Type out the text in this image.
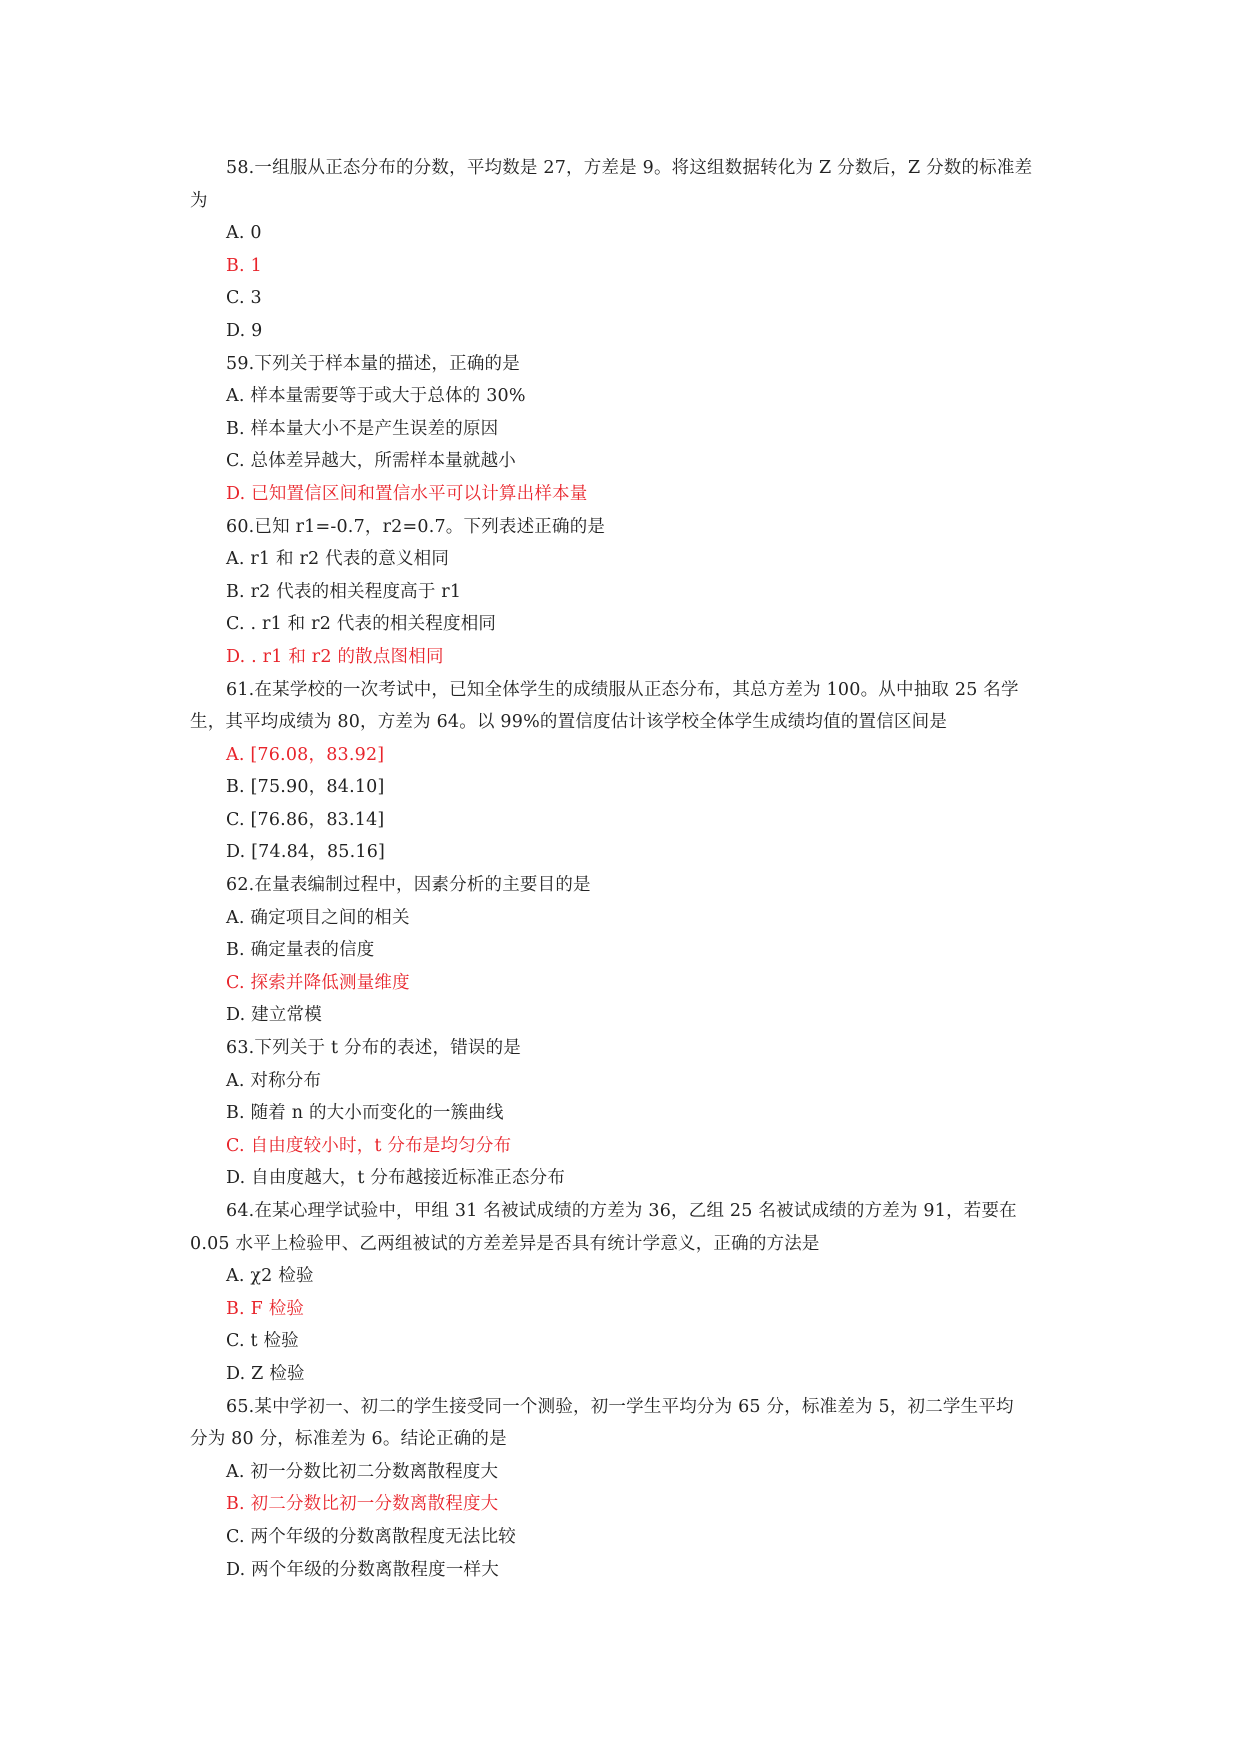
58.一组服从正态分布的分数，平均数是 27，方差是 9。将这组数据转化为 Z 分数后，Z 分数的标准差
为
A. 0
B. 1
C. 3
D. 9
59.下列关于样本量的描述，正确的是
A. 样本量需要等于或大于总体的 30%
B. 样本量大小不是产生误差的原因
C. 总体差异越大，所需样本量就越小
D. 已知置信区间和置信水平可以计算出样本量
60.已知 r1=-0.7，r2=0.7。下列表述正确的是
A. r1 和 r2 代表的意义相同
B. r2 代表的相关程度高于 r1
C. . r1 和 r2 代表的相关程度相同
D. . r1 和 r2 的散点图相同
61.在某学校的一次考试中，已知全体学生的成绩服从正态分布，其总方差为 100。从中抽取 25 名学
生，其平均成绩为 80，方差为 64。以 99%的置信度估计该学校全体学生成绩均值的置信区间是
A. [76.08，83.92]
B. [75.90，84.10]
C. [76.86，83.14]
D. [74.84，85.16]
62.在量表编制过程中，因素分析的主要目的是
A. 确定项目之间的相关
B. 确定量表的信度
C. 探索并降低测量维度
D. 建立常模
63.下列关于 t 分布的表述，错误的是
A. 对称分布
B. 随着 n 的大小而变化的一簇曲线
C. 自由度较小时，t 分布是均匀分布
D. 自由度越大，t 分布越接近标准正态分布
64.在某心理学试验中，甲组 31 名被试成绩的方差为 36，乙组 25 名被试成绩的方差为 91，若要在
0.05 水平上检验甲、乙两组被试的方差差异是否具有统计学意义，正确的方法是
A. χ2 检验
B. F 检验
C. t 检验
D. Z 检验
65.某中学初一、初二的学生接受同一个测验，初一学生平均分为 65 分，标准差为 5，初二学生平均
分为 80 分，标准差为 6。结论正确的是
A. 初一分数比初二分数离散程度大
B. 初二分数比初一分数离散程度大
C. 两个年级的分数离散程度无法比较
D. 两个年级的分数离散程度一样大
